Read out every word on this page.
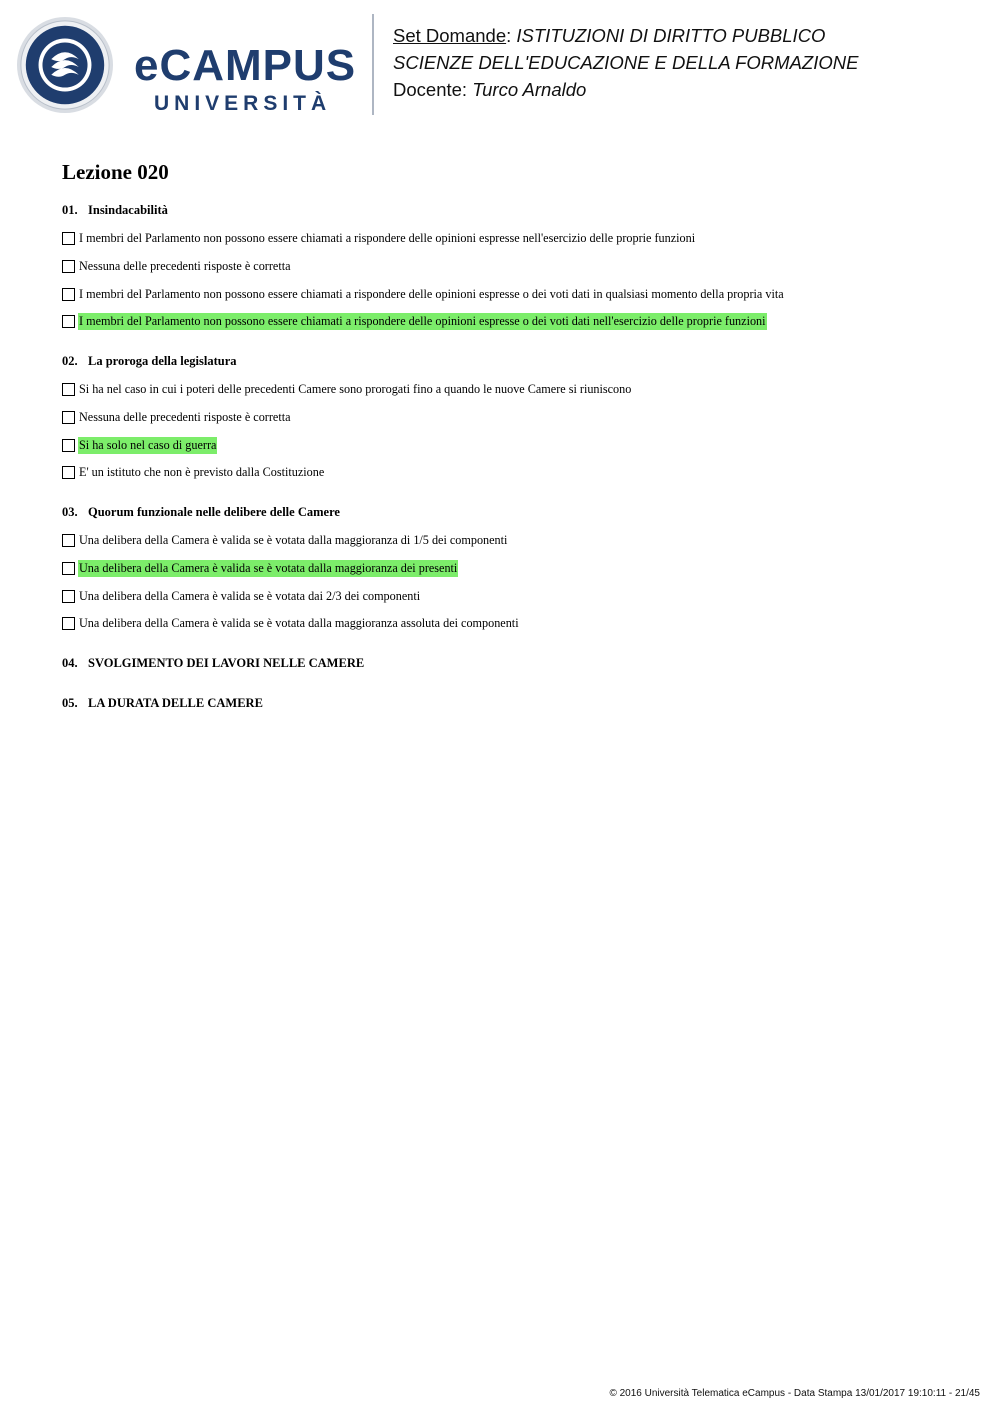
eCAMPUS
UNIVERSITÀ
Set Domande: ISTITUZIONI DI DIRITTO PUBBLICO
SCIENZE DELL'EDUCAZIONE E DELLA FORMAZIONE
Docente: Turco Arnaldo
Lezione 020
01. Insindacabilità
I membri del Parlamento non possono essere chiamati a rispondere delle opinioni espresse nell'esercizio delle proprie funzioni
Nessuna delle precedenti risposte è corretta
I membri del Parlamento non possono essere chiamati a rispondere delle opinioni espresse o dei voti dati in qualsiasi momento della propria vita
I membri del Parlamento non possono essere chiamati a rispondere delle opinioni espresse o dei voti dati nell'esercizio delle proprie funzioni
02. La proroga della legislatura
Si ha nel caso in cui i poteri delle precedenti Camere sono prorogati fino a quando le nuove Camere si riuniscono
Nessuna delle precedenti risposte è corretta
Si ha solo nel caso di guerra
E' un istituto che non è previsto dalla Costituzione
03. Quorum funzionale nelle delibere delle Camere
Una delibera della Camera è valida se è votata dalla maggioranza di 1/5 dei componenti
Una delibera della Camera è valida se è votata dalla maggioranza dei presenti
Una delibera della Camera è valida se è votata dai 2/3 dei componenti
Una delibera della Camera è valida se è votata dalla maggioranza assoluta dei componenti
04. SVOLGIMENTO DEI LAVORI NELLE CAMERE
05. LA DURATA DELLE CAMERE
© 2016 Università Telematica eCampus - Data Stampa 13/01/2017 19:10:11 - 21/45
